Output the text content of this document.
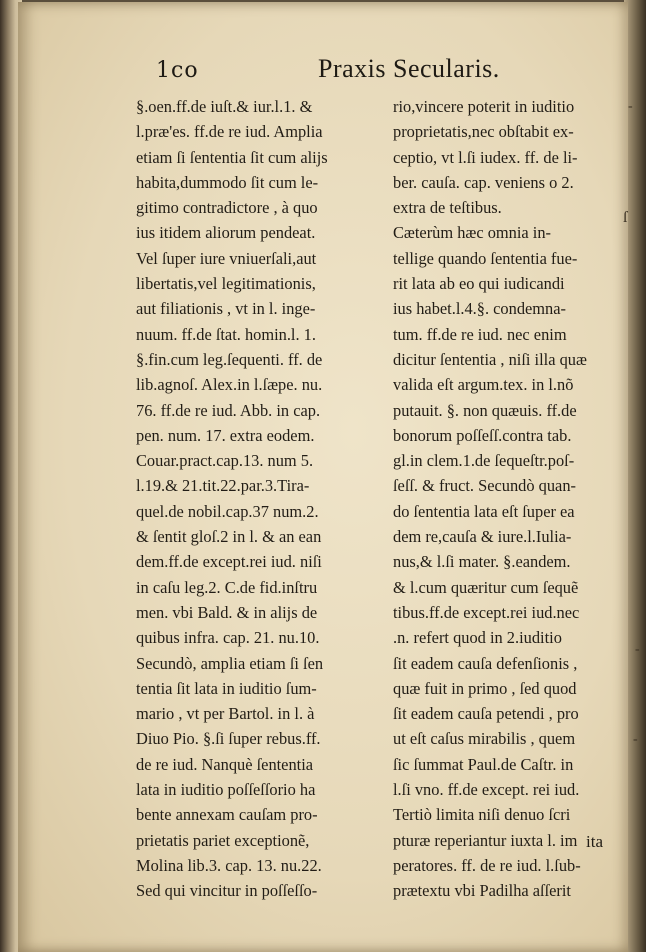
1co	Praxis Secularis.
§.‍oen.ff.de iuſt.& iur.l.1. &
l.præ'es. ff.de re iud. Amplia
etiam ſi ſententia ſit cum alijs
habita,dummodo ſit cum le-
gitimo contradictore , à quo
ius itidem aliorum pendeat.
Vel ſuper iure vniuerſali,aut
libertatis,vel legitimationis,
aut filiationis , vt in l. inge-
nuum. ff.de ſtat. homin.l. 1.
§.fin.cum leg.ſequenti. ff. de
lib.agnoſ. Alex.in l.ſæpe. nu.
76. ff.de re iud. Abb. in cap.
pen. num. 17. extra eodem.
Couar.pract.cap.13. num 5.
l.19.& 21.tit.22.par.3.Tira-
quel.de nobil.cap.37 num.2.
& ſentit gloſ.2 in l. & an ean
dem.ff.de except.rei iud. niſi
in caſu leg.2. C.de fid.inſtru
men. vbi Bald. & in alijs de
quibus infra. cap. 21. nu.10.
Secundò, amplia etiam ſi ſen
tentia ſit lata in iuditio ſum-
mario , vt per Bartol. in l. à
Diuo Pio. §.ſi ſuper rebus.ff.
de re iud. Nanquè ſententia
lata in iuditio poſſeſſorio ha
bente annexam cauſam pro-
prietatis pariet exceptionẽ,
Molina lib.3. cap. 13. nu.22.
Sed qui vincitur in poſſeſſo-
rio,vincere poterit in iuditio
proprietatis,nec obſtabit ex-
ceptio, vt l.ſi iudex. ff. de li-
ber. cauſa. cap. veniens o 2.
extra de teſtibus.
Cæterùm hæc omnia in-
tellige quando ſententia fue-
rit lata ab eo qui iudicandi
ius habet.l.4.§. condemna-
tum. ff.de re iud. nec enim
dicitur ſententia , niſi illa quæ
valida eſt argum.tex. in l.nõ
putauit. §. non quæuis. ff.de
bonorum poſſeſſ.contra tab.
gl.in clem.1.de ſequeſtr.poſ-
ſeſſ. & fruct. Secundò quan-
do ſententia lata eſt ſuper ea
dem re,cauſa & iure.l.Iulia-
nus,& l.ſi mater. §.eandem.
& l.cum quæritur cum ſequẽ
tibus.ff.de except.rei iud.nec
.n. refert quod in 2.iuditio
ſit eadem cauſa defenſionis ,
quæ fuit in primo , ſed quod
ſit eadem cauſa petendi , pro
ut eſt caſus mirabilis , quem
ſic ſummat Paul.de Caſtr. in
l.ſi vno. ff.de except. rei iud.
Tertiò limita niſi denuo ſcri
pturæ reperiantur iuxta l. im
peratores. ff. de re iud. l.ſub-
prætextu vbi Padilha aſſerit
ita
-
ſ
-
-
